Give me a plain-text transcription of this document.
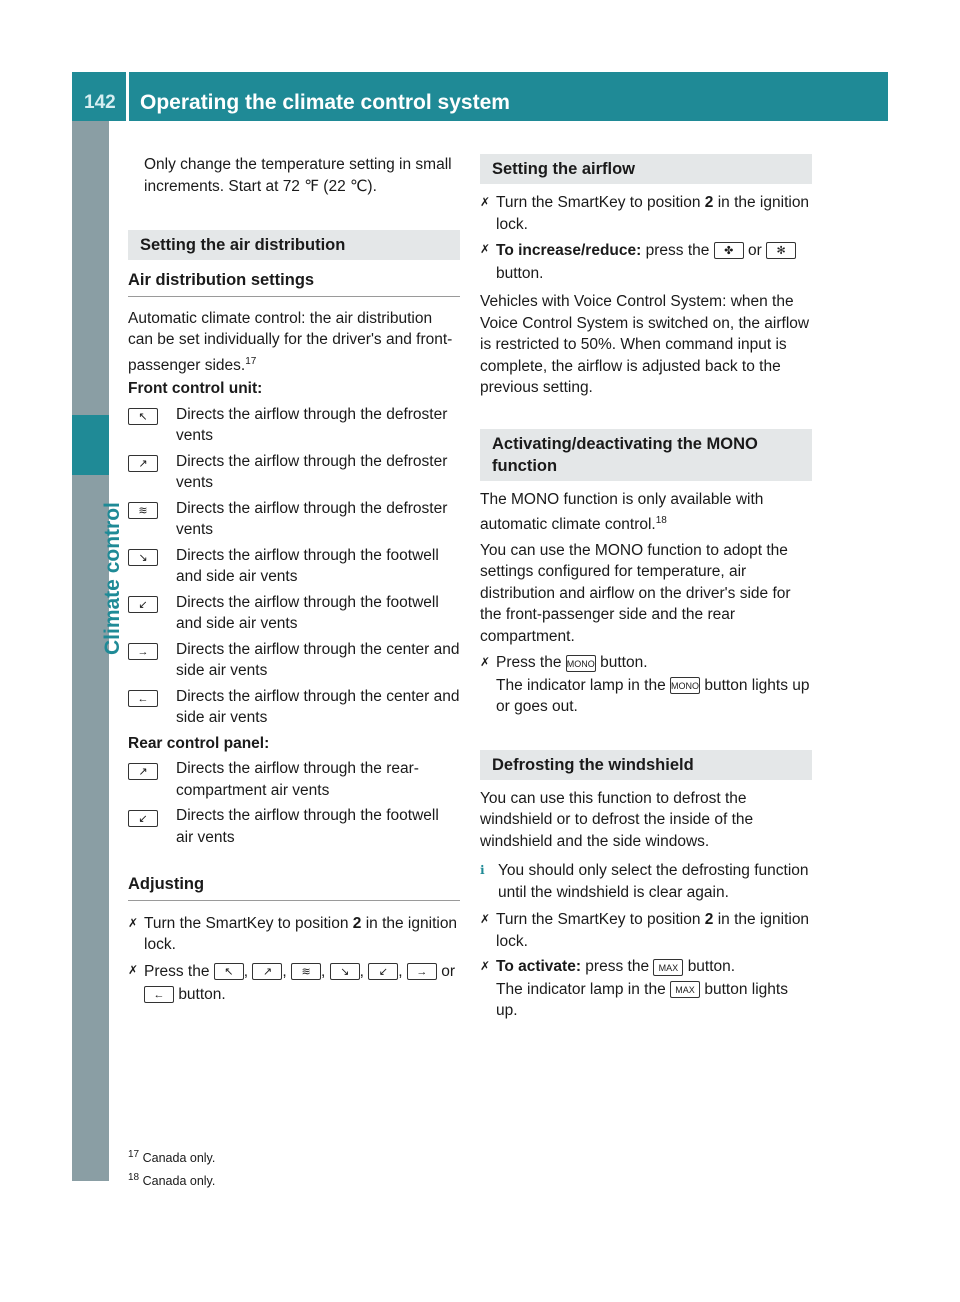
142 Operating the climate control system
Climate control

Only change the temperature setting in small increments. Start at 72 ℉ (22 ℃).

Setting the air distribution
Air distribution settings

Automatic climate control: the air distribution can be set individually for the driver's and front-passenger sides.$^{17}$

Front control unit:

↖	Directs the airflow through the defroster vents
↗	Directs the airflow through the defroster vents
≋	Directs the airflow through the defroster vents
↘	Directs the airflow through the footwell and side air vents
↙	Directs the airflow through the footwell and side air vents
→	Directs the airflow through the center and side air vents
←	Directs the airflow through the center and side air vents

Rear control panel:

↗	Directs the airflow through the rear-compartment air vents
↙	Directs the airflow through the footwell air vents
Adjusting
✗ Turn the SmartKey to position 2 in the ignition lock.
✗ Press the ↖ , ↗ , ≋ , ↘ , ↙ , → or ← button.
Setting the airflow
✗ Turn the SmartKey to position 2 in the ignition lock.
✗ To increase/reduce: press the ✤ or ✻ button.

Vehicles with Voice Control System: when the Voice Control System is switched on, the airflow is restricted to 50%. When command input is complete, the airflow is adjusted back to the previous setting.

Activating/deactivating the MONO function

The MONO function is only available with automatic climate control.$^{18}$

You can use the MONO function to adopt the settings configured for temperature, air distribution and airflow on the driver's side for the front-passenger side and the rear compartment.

✗ Press the MONO button.
The indicator lamp in the MONO button lights up or goes out.
Defrosting the windshield

You can use this function to defrost the windshield or to defrost the inside of the windshield and the side windows.

ℹ You should only select the defrosting function until the windshield is clear again.
✗ Turn the SmartKey to position 2 in the ignition lock.
✗ To activate: press the MAX button.
The indicator lamp in the MAX button lights up.
$^{17}$ Canada only.
$^{18}$ Canada only.
